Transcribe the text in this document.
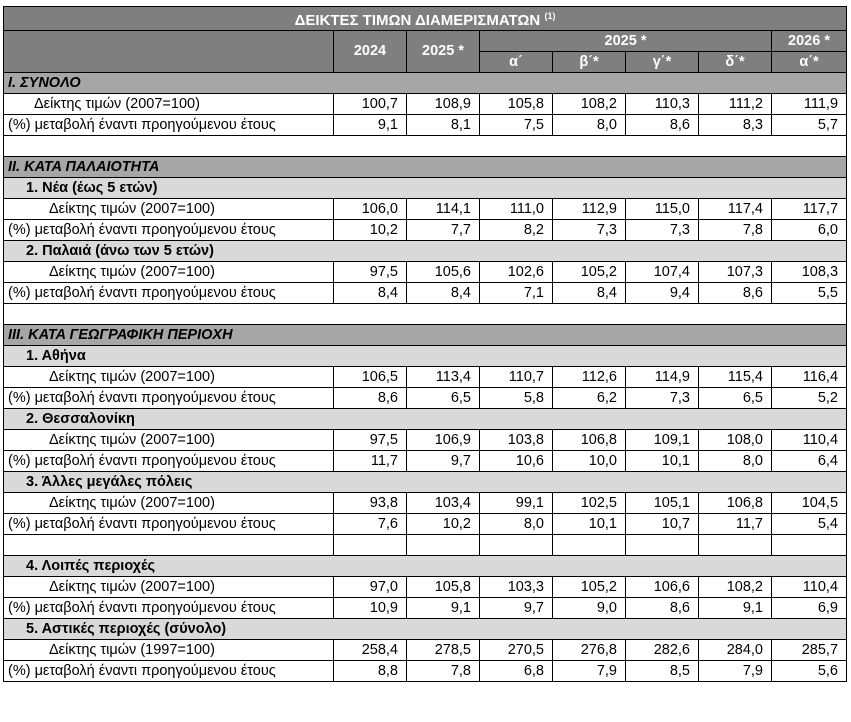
ΔΕΙΚΤΕΣ ΤΙΜΩΝ ΔΙΑΜΕΡΙΣΜΑΤΩΝ $^{(1)}$
	2024	2025 *	2025 *				2026 *
			α΄	β΄*	γ΄*	δ΄*	α΄*
I. ΣΥΝΟΛΟ							
Δείκτης τιμών (2007=100)	100,7	108,9	105,8	108,2	110,3	111,2	111,9
(%) μεταβολή έναντι προηγούμενου έτους	9,1	8,1	7,5	8,0	8,6	8,3	5,7

II. ΚΑΤΑ ΠΑΛΑΙΟΤΗΤΑ							
1. Νέα (έως 5 ετών)							
Δείκτης τιμών (2007=100)	106,0	114,1	111,0	112,9	115,0	117,4	117,7
(%) μεταβολή έναντι προηγούμενου έτους	10,2	7,7	8,2	7,3	7,3	7,8	6,0
2. Παλαιά (άνω των 5 ετών)							
Δείκτης τιμών (2007=100)	97,5	105,6	102,6	105,2	107,4	107,3	108,3
(%) μεταβολή έναντι προηγούμενου έτους	8,4	8,4	7,1	8,4	9,4	8,6	5,5

III. ΚΑΤΑ ΓΕΩΓΡΑΦΙΚΗ ΠΕΡΙΟΧΗ							
1. Αθήνα							
Δείκτης τιμών (2007=100)	106,5	113,4	110,7	112,6	114,9	115,4	116,4
(%) μεταβολή έναντι προηγούμενου έτους	8,6	6,5	5,8	6,2	7,3	6,5	5,2
2. Θεσσαλονίκη							
Δείκτης τιμών (2007=100)	97,5	106,9	103,8	106,8	109,1	108,0	110,4
(%) μεταβολή έναντι προηγούμενου έτους	11,7	9,7	10,6	10,0	10,1	8,0	6,4
3. Άλλες μεγάλες πόλεις							
Δείκτης τιμών (2007=100)	93,8	103,4	99,1	102,5	105,1	106,8	104,5
(%) μεταβολή έναντι προηγούμενου έτους	7,6	10,2	8,0	10,1	10,7	11,7	5,4

4. Λοιπές περιοχές							
Δείκτης τιμών (2007=100)	97,0	105,8	103,3	105,2	106,6	108,2	110,4
(%) μεταβολή έναντι προηγούμενου έτους	10,9	9,1	9,7	9,0	8,6	9,1	6,9
5. Αστικές περιοχές (σύνολο)							
Δείκτης τιμών (1997=100)	258,4	278,5	270,5	276,8	282,6	284,0	285,7
(%) μεταβολή έναντι προηγούμενου έτους	8,8	7,8	6,8	7,9	8,5	7,9	5,6
